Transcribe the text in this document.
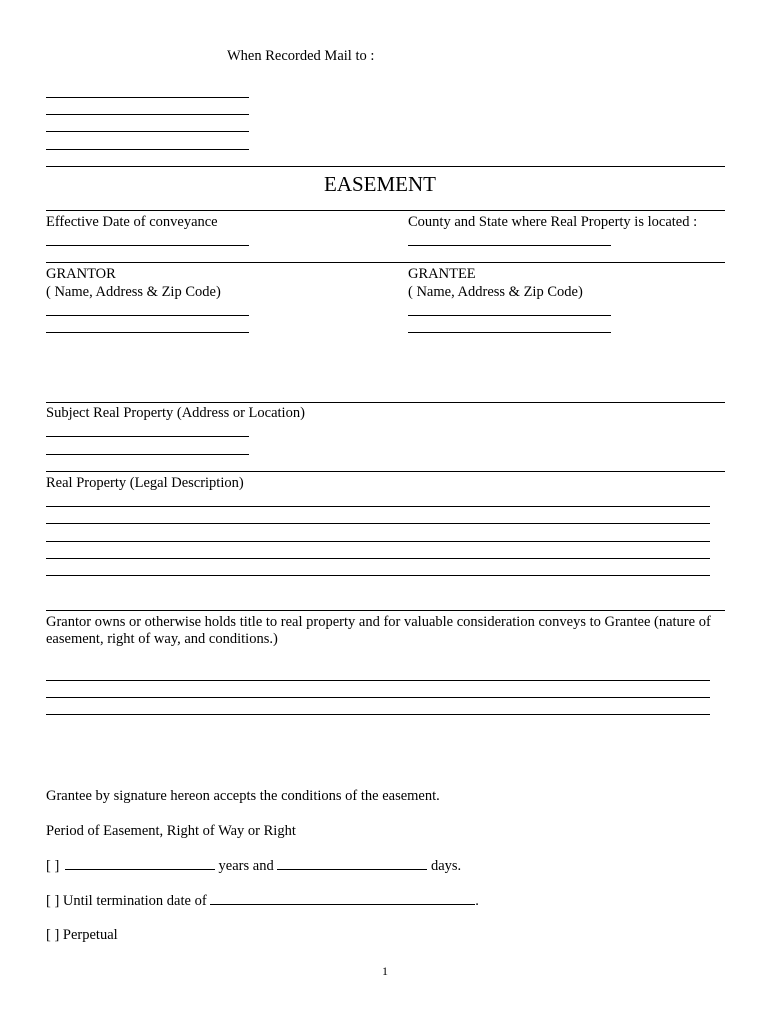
When Recorded Mail to :
EASEMENT
Effective Date of conveyance	County and State where Real Property is located :
GRANTOR
( Name, Address & Zip Code)
GRANTEE
( Name, Address & Zip Code)
Subject Real Property (Address or Location)
Real Property (Legal Description)
Grantor owns or otherwise holds title to real property and for valuable consideration conveys to Grantee (nature of easement, right of way, and conditions.)
Grantee by signature hereon accepts the conditions of the easement.
Period of Easement, Right of Way or Right
[ ]	years and	days.
[ ] Until termination date of	.
[ ] Perpetual
1
